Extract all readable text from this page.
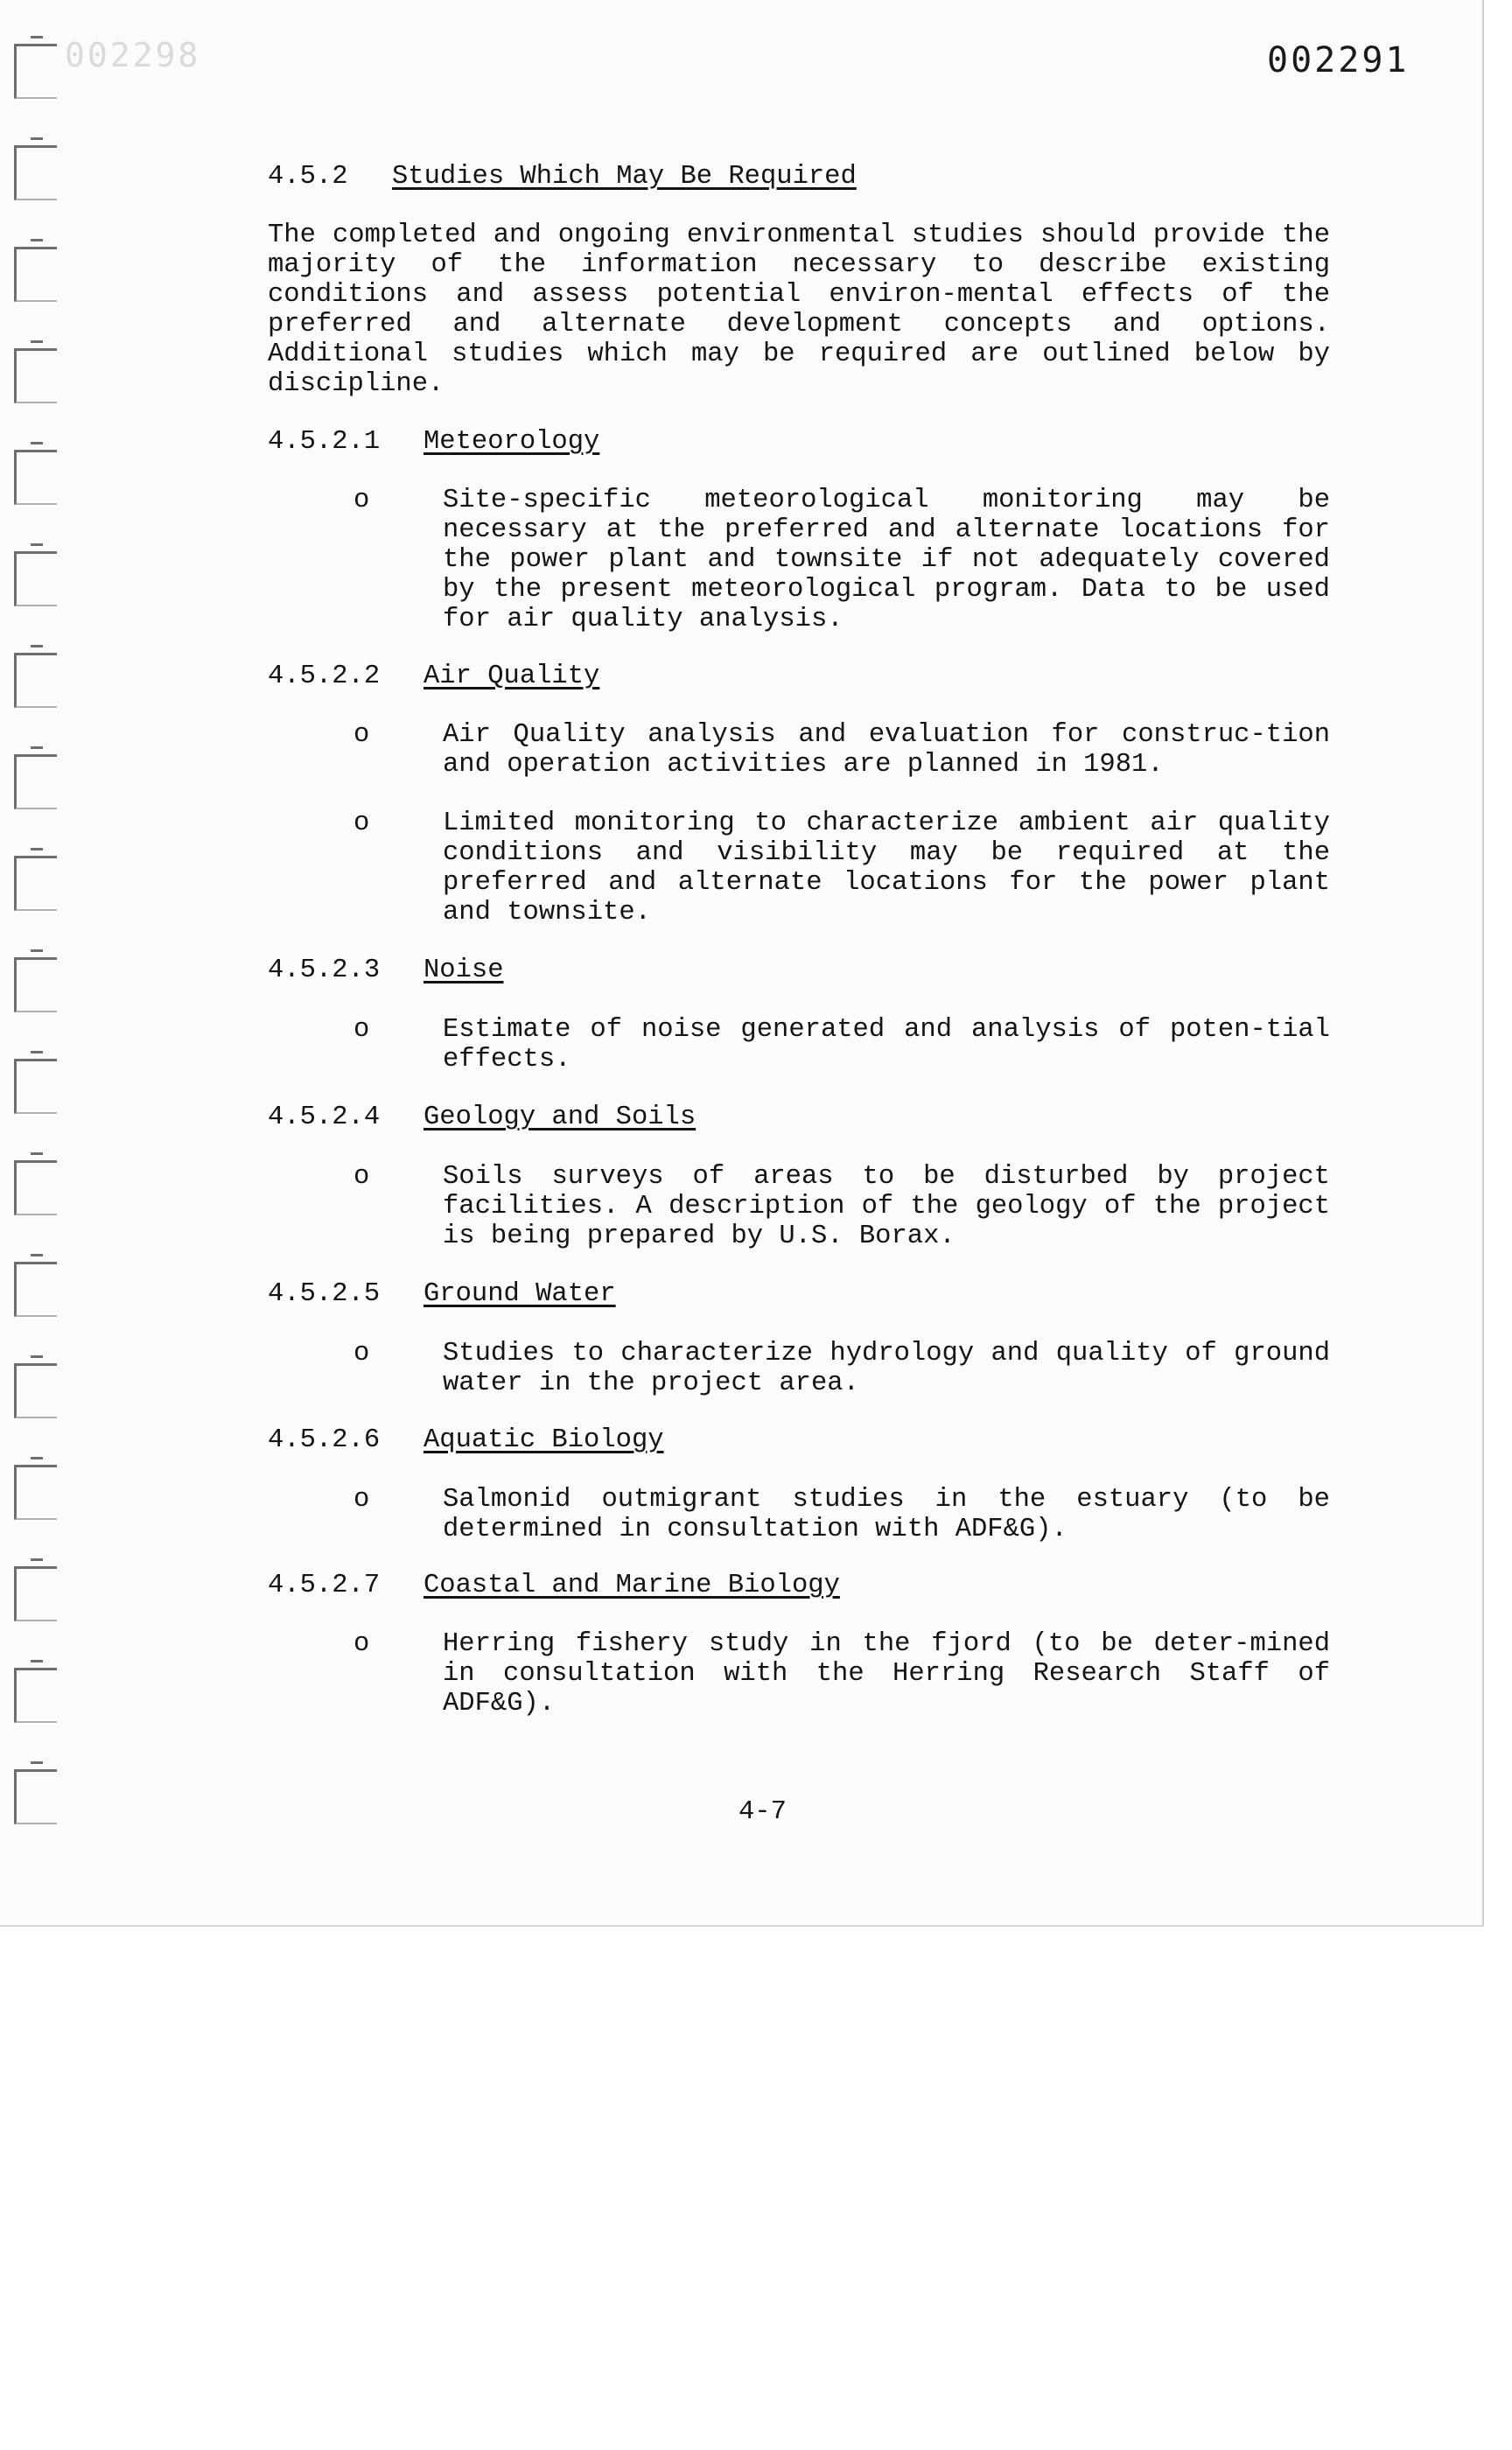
002298	002291
4.5.2 Studies Which May Be Required
The completed and ongoing environmental studies should provide the majority of the information necessary to describe existing conditions and assess potential environ-mental effects of the preferred and alternate development concepts and options. Additional studies which may be required are outlined below by discipline.
4.5.2.1 Meteorology
o	Site-specific meteorological monitoring may be necessary at the preferred and alternate locations for the power plant and townsite if not adequately covered by the present meteorological program. Data to be used for air quality analysis.
4.5.2.2 Air Quality
o	Air Quality analysis and evaluation for construc-tion and operation activities are planned in 1981.
o	Limited monitoring to characterize ambient air quality conditions and visibility may be required at the preferred and alternate locations for the power plant and townsite.
4.5.2.3 Noise
o	Estimate of noise generated and analysis of poten-tial effects.
4.5.2.4 Geology and Soils
o	Soils surveys of areas to be disturbed by project facilities. A description of the geology of the project is being prepared by U.S. Borax.
4.5.2.5 Ground Water
o	Studies to characterize hydrology and quality of ground water in the project area.
4.5.2.6 Aquatic Biology
o	Salmonid outmigrant studies in the estuary (to be determined in consultation with ADF&G).
4.5.2.7 Coastal and Marine Biology
o	Herring fishery study in the fjord (to be deter-mined in consultation with the Herring Research Staff of ADF&G).
4-7
